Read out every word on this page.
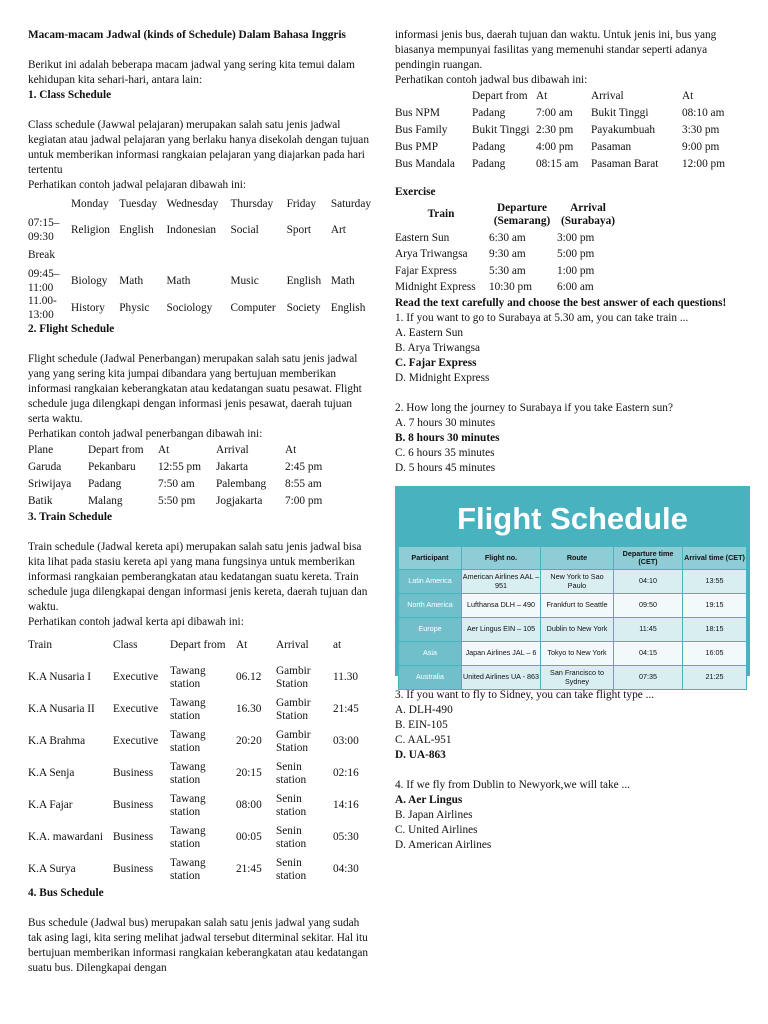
Macam-macam Jadwal (kinds of Schedule) Dalam Bahasa Inggris

Berikut ini adalah beberapa macam jadwal yang sering kita temui dalam kehidupan kita sehari-hari, antara lain:

1. Class Schedule

Class schedule (Jawwal pelajaran) merupakan salah satu jenis jadwal kegiatan atau jadwal pelajaran yang berlaku hanya disekolah dengan tujuan untuk memberikan informasi rangkaian pelajaran yang diajarkan pada hari tertentu

Perhatikan contoh jadwal pelajaran dibawah ini:

	Monday	Tuesday	Wednesday	Thursday	Friday	Saturday
07:15–09:30	Religion	English	Indonesian	Social	Sport	Art
Break						
09:45–11:00	Biology	Math	Math	Music	English	Math
11.00-13:00	History	Physic	Sociology	Computer	Society	English

2. Flight Schedule

Flight schedule (Jadwal Penerbangan) merupakan salah satu jenis jadwal yang yang sering kita jumpai dibandara yang bertujuan memberikan informasi rangkaian keberangkatan atau kedatangan suatu pesawat. Flight schedule juga dilengkapi dengan informasi jenis pesawat, daerah tujuan serta waktu.

Perhatikan contoh jadwal penerbangan dibawah ini:

Plane	Depart from	At	Arrival	At
Garuda	Pekanbaru	12:55 pm	Jakarta	2:45 pm
Sriwijaya	Padang	7:50 am	Palembang	8:55 am
Batik	Malang	5:50 pm	Jogjakarta	7:00 pm

3. Train Schedule

Train schedule (Jadwal kereta api) merupakan salah satu jenis jadwal bisa kita lihat pada stasiu kereta api yang mana fungsinya untuk memberikan informasi rangkaian pemberangkatan atau kedatangan suatu kereta. Train schedule juga dilengkapai dengan informasi jenis kereta, daerah tujuan dan waktu.

Perhatikan contoh jadwal kerta api dibawah ini:

Train	Class	Depart from	At	Arrival	at
K.A Nusaria I	Executive	Tawang station	06.12	Gambir Station	11.30
K.A Nusaria II	Executive	Tawang station	16.30	Gambir Station	21:45
K.A Brahma	Executive	Tawang station	20:20	Gambir Station	03:00
K.A Senja	Business	Tawang station	20:15	Senin station	02:16
K.A Fajar	Business	Tawang station	08:00	Senin station	14:16
K.A. mawardani	Business	Tawang station	00:05	Senin station	05:30
K.A Surya	Business	Tawang station	21:45	Senin station	04:30

4. Bus Schedule

Bus schedule (Jadwal bus) merupakan salah satu jenis jadwal yang sudah tak asing lagi, kita sering melihat jadwal tersebut diterminal sekitar. Hal itu bertujuan memberikan informasi rangkaian keberangkatan atau kedatangan suatu bus. Dilengkapai dengan

informasi jenis bus, daerah tujuan dan waktu. Untuk jenis ini, bus yang biasanya mempunyai fasilitas yang memenuhi standar seperti adanya pendingin ruangan.

Perhatikan contoh jadwal bus dibawah ini:

	Depart from	At	Arrival	At
Bus NPM	Padang	7:00 am	Bukit Tinggi	08:10 am
Bus Family	Bukit Tinggi	2:30 pm	Payakumbuah	3:30 pm
Bus PMP	Padang	4:00 pm	Pasaman	9:00 pm
Bus Mandala	Padang	08:15 am	Pasaman Barat	12:00 pm

Exercise

Train	Departure (Semarang)	Arrival (Surabaya)
Eastern Sun	6:30 am	3:00 pm
Arya Triwangsa	9:30 am	5:00 pm
Fajar Express	5:30 am	1:00 pm
Midnight Express	10:30 pm	6:00 am

Read the text carefully and choose the best answer of each questions!

1. If you want to go to Surabaya at 5.30 am, you can take train ...

A. Eastern Sun

B. Arya Triwangsa

C. Fajar Express

D. Midnight Express

2. How long the journey to Surabaya if you take Eastern sun?

A. 7 hours 30 minutes

B. 8 hours 30 minutes

C. 6 hours 35 minutes

D. 5 hours 45 minutes

Flight Schedule
Participant	Flight no.	Route	Departure time (CET)	Arrival time (CET)
Latin America	American Airlines AAL – 951	New York to Sao Paulo	04:10	13:55
North America	Lufthansa DLH – 490	Frankfurt to Seattle	09:50	19:15
Europe	Aer Lingus EIN – 105	Dublin to New York	11:45	18:15
Asia	Japan Airlines JAL – 6	Tokyo to New York	04:15	16:05
Australia	United Airlines UA - 863	San Francisco to Sydney	07:35	21:25

3. If you want to fly to Sidney, you can take flight type ...

A. DLH-490

B. EIN-105

C. AAL-951

D. UA-863

4. If we fly from Dublin to Newyork,we will take ...

A. Aer Lingus

B. Japan Airlines

C. United Airlines

D. American Airlines
